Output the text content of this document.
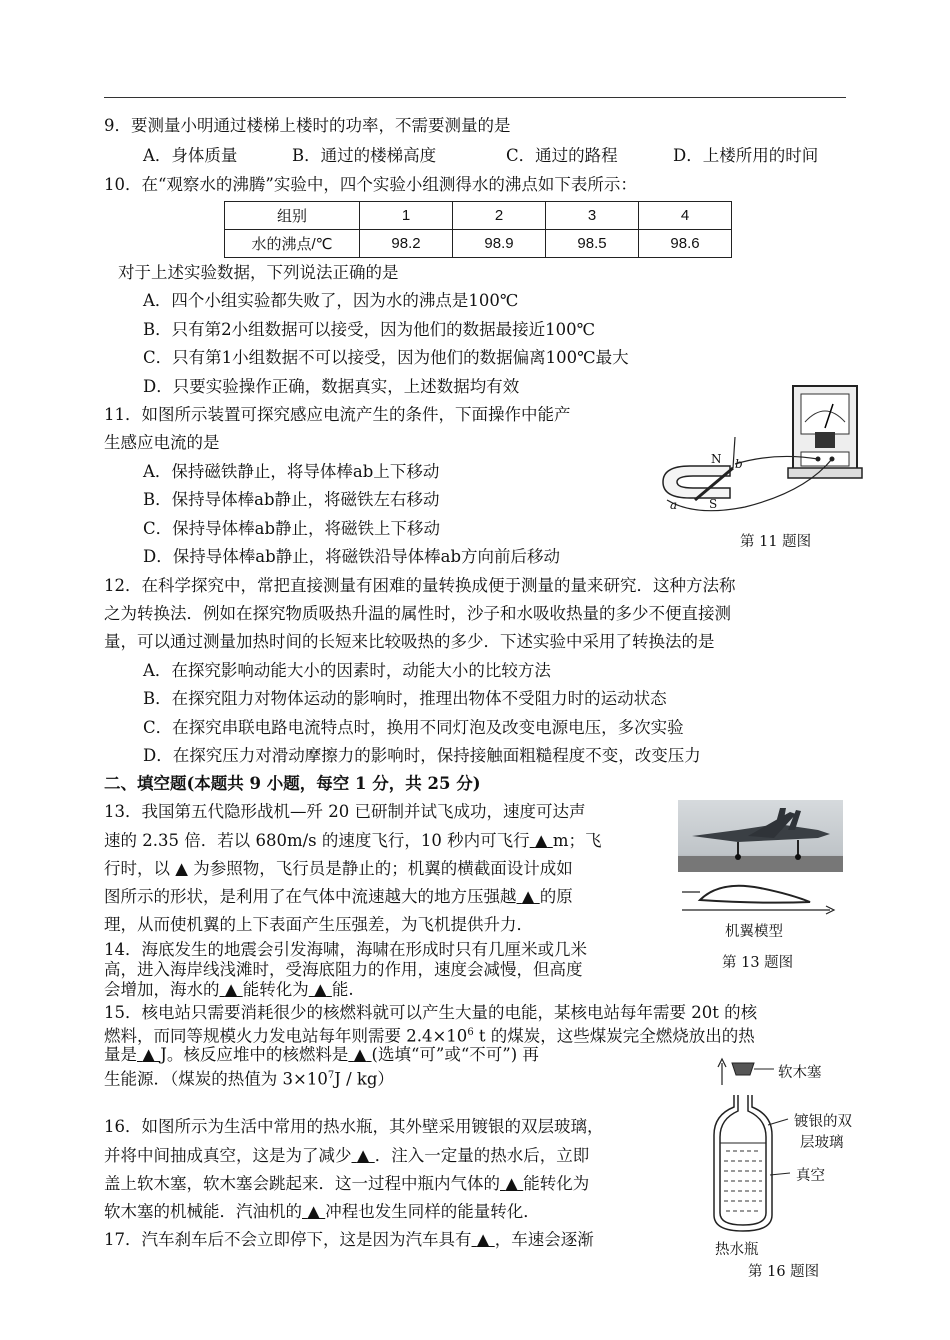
9．要测量小明通过楼梯上楼时的功率，不需要测量的是
A．身体质量	B．通过的楼梯高度	C．通过的路程	D．上楼所用的时间
10．在“观察水的沸腾”实验中，四个实验小组测得水的沸点如下表所示：
组别	1	2	3	4
水的沸点/℃	98.2	98.9	98.5	98.6
对于上述实验数据，下列说法正确的是
A．四个小组实验都失败了，因为水的沸点是100℃
B．只有第2小组数据可以接受，因为他们的数据最接近100℃
C．只有第1小组数据不可以接受，因为他们的数据偏离100℃最大
D．只要实验操作正确，数据真实，上述数据均有效
11．如图所示装置可探究感应电流产生的条件，下面操作中能产
生感应电流的是
A．保持磁铁静止，将导体棒ab上下移动
B．保持导体棒ab静止，将磁铁左右移动
C．保持导体棒ab静止，将磁铁上下移动
D．保持导体棒ab静止，将磁铁沿导体棒ab方向前后移动
N
S
a
b
第 11 题图
12．在科学探究中，常把直接测量有困难的量转换成便于测量的量来研究．这种方法称
之为转换法．例如在探究物质吸热升温的属性时，沙子和水吸收热量的多少不便直接测
量，可以通过测量加热时间的长短来比较吸热的多少．下述实验中采用了转换法的是
A．在探究影响动能大小的因素时，动能大小的比较方法
B．在探究阻力对物体运动的影响时，推理出物体不受阻力时的运动状态
C．在探究串联电路电流特点时，换用不同灯泡及改变电源电压，多次实验
D．在探究压力对滑动摩擦力的影响时，保持接触面粗糙程度不变，改变压力
二、填空题(本题共 9 小题，每空 1 分，共 25 分)
13．我国第五代隐形战机—歼 20 已研制并试飞成功，速度可达声
速的 2.35 倍．若以 680m/s 的速度飞行，10 秒内可飞行 ▲ m；飞
行时，以 ▲ 为参照物，飞行员是静止的；机翼的横截面设计成如
图所示的形状，是利用了在气体中流速越大的地方压强越 ▲ 的原
理，从而使机翼的上下表面产生压强差，为飞机提供升力．	机翼模型
第 13 题图
14．海底发生的地震会引发海啸，海啸在形成时只有几厘米或几米
高，进入海岸线浅滩时，受海底阻力的作用，速度会减慢，但高度
会增加，海水的 ▲ 能转化为 ▲ 能.
15．核电站只需要消耗很少的核燃料就可以产生大量的电能，某核电站每年需要 20t 的核
燃料，而同等规模火力发电站每年则需要 $2.4\times 10^6$ t 的煤炭，这些煤炭完全燃烧放出的热
量是 ▲ J。核反应堆中的核燃料是 ▲ (选填“可”或“不可”) 再
生能源．（煤炭的热值为 $3\times 10^7J / kg$）
16．如图所示为生活中常用的热水瓶，其外壁采用镀银的双层玻璃，
并将中间抽成真空，这是为了减少 ▲ ．注入一定量的热水后，立即
盖上软木塞，软木塞会跳起来．这一过程中瓶内气体的 ▲ 能转化为
软木塞的机械能．汽油机的 ▲ 冲程也发生同样的能量转化．
17．汽车刹车后不会立即停下，这是因为汽车具有 ▲ ，车速会逐渐
软木塞
镀银的双
层玻璃
真空
热水瓶
第 16 题图
